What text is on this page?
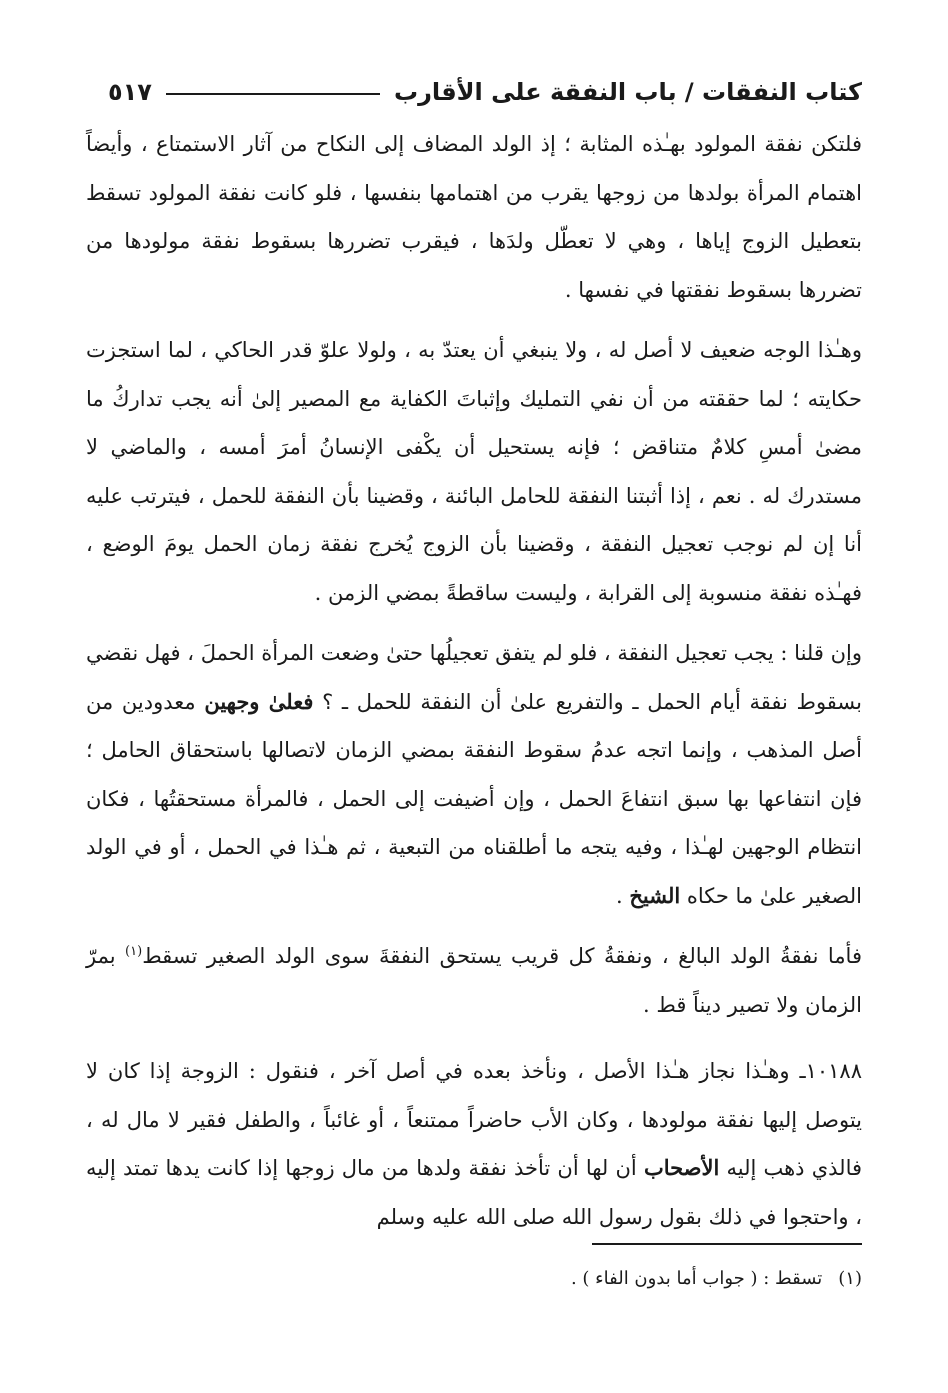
كتاب النفقات / باب النفقة على الأقارب
٥١٧

فلتكن نفقة المولود بهـٰذه المثابة ؛ إذ الولد المضاف إلى النكاح من آثار الاستمتاع ، وأيضاً اهتمام المرأة بولدها من زوجها يقرب من اهتمامها بنفسها ، فلو كانت نفقة المولود تسقط بتعطيل الزوج إياها ، وهي لا تعطّل ولدَها ، فيقرب تضررها بسقوط نفقة مولودها من تضررها بسقوط نفقتها في نفسها .

وهـٰذا الوجه ضعيف لا أصل له ، ولا ينبغي أن يعتدّ به ، ولولا علوّ قدر الحاكي ، لما استجزت حكايته ؛ لما حققته من أن نفي التمليك وإثباتَ الكفاية مع المصير إلىٰ أنه يجب تداركُ ما مضىٰ أمسِ كلامٌ متناقض ؛ فإنه يستحيل أن يكْفى الإنسانُ أمرَ أمسه ، والماضي لا مستدرك له . نعم ، إذا أثبتنا النفقة للحامل البائنة ، وقضينا بأن النفقة للحمل ، فيترتب عليه أنا إن لم نوجب تعجيل النفقة ، وقضينا بأن الزوج يُخرج نفقة زمان الحمل يومَ الوضع ، فهـٰذه نفقة منسوبة إلى القرابة ، وليست ساقطةً بمضي الزمن .

وإن قلنا : يجب تعجيل النفقة ، فلو لم يتفق تعجيلُها حتىٰ وضعت المرأة الحملَ ، فهل نقضي بسقوط نفقة أيام الحمل ـ والتفريع علىٰ أن النفقة للحمل ـ ؟ فعلىٰ وجهين معدودين من أصل المذهب ، وإنما اتجه عدمُ سقوط النفقة بمضي الزمان لاتصالها باستحقاق الحامل ؛ فإن انتفاعها بها سبق انتفاعَ الحمل ، وإن أضيفت إلى الحمل ، فالمرأة مستحقتُها ، فكان انتظام الوجهين لهـٰذا ، وفيه يتجه ما أطلقناه من التبعية ، ثم هـٰذا في الحمل ، أو في الولد الصغير علىٰ ما حكاه الشيخ .

فأما نفقةُ الولد البالغ ، ونفقةُ كل قريب يستحق النفقةَ سوى الولد الصغير تسقط$^{(١)}$ بمرّ الزمان ولا تصير ديناً قط .

١٠١٨٨ـ وهـٰذا نجاز هـٰذا الأصل ، ونأخذ بعده في أصل آخر ، فنقول : الزوجة إذا كان لا يتوصل إليها نفقة مولودها ، وكان الأب حاضراً ممتنعاً ، أو غائباً ، والطفل فقير لا مال له ، فالذي ذهب إليه الأصحاب أن لها أن تأخذ نفقة ولدها من مال زوجها إذا كانت يدها تمتد إليه ، واحتجوا في ذلك بقول رسول الله صلى الله عليه وسلم

(١)تسقط : ( جواب أما بدون الفاء ) .
